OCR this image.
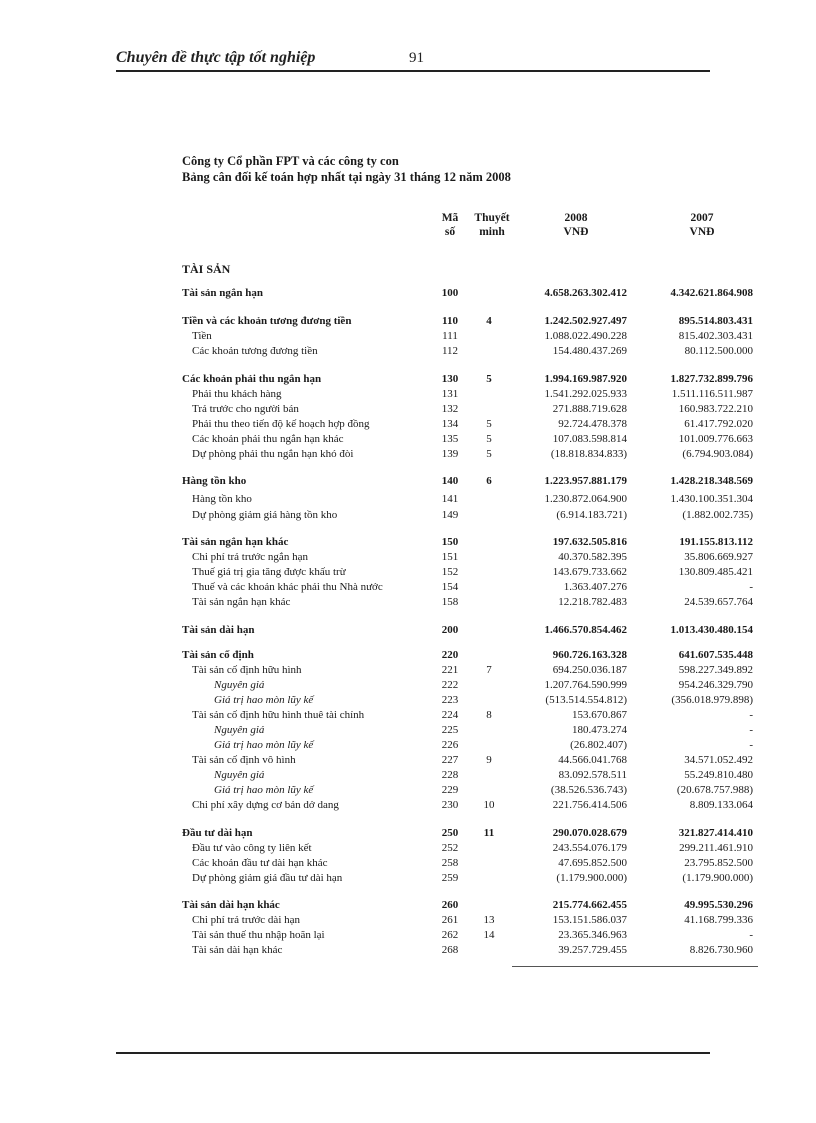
Chuyên đề thực tập tốt nghiệp	91
Công ty Cổ phần FPT và các công ty con
Bảng cân đối kế toán hợp nhất tại ngày 31 tháng 12 năm 2008
Mã
số
Thuyết
minh
2008
VNĐ
2007
VNĐ
TÀI SẢN
Tài sản ngắn hạn	100	4.658.263.302.412	4.342.621.864.908
Tiền và các khoản tương đương tiền	110	4	1.242.502.927.497	895.514.803.431
Tiền	111	1.088.022.490.228	815.402.303.431
Các khoản tương đương tiền	112	154.480.437.269	80.112.500.000
Các khoản phải thu ngắn hạn	130	5	1.994.169.987.920	1.827.732.899.796
Phải thu khách hàng	131	1.541.292.025.933	1.511.116.511.987
Trả trước cho người bán	132	271.888.719.628	160.983.722.210
Phải thu theo tiến độ kế hoạch hợp đồng	134	5	92.724.478.378	61.417.792.020
Các khoản phải thu ngắn hạn khác	135	5	107.083.598.814	101.009.776.663
Dự phòng phải thu ngắn hạn khó đòi	139	5	(18.818.834.833)	(6.794.903.084)
Hàng tồn kho	140	6	1.223.957.881.179	1.428.218.348.569
Hàng tồn kho	141	1.230.872.064.900	1.430.100.351.304
Dự phòng giảm giá hàng tồn kho	149	(6.914.183.721)	(1.882.002.735)
Tài sản ngắn hạn khác	150	197.632.505.816	191.155.813.112
Chi phí trả trước ngắn hạn	151	40.370.582.395	35.806.669.927
Thuế giá trị gia tăng được khấu trừ	152	143.679.733.662	130.809.485.421
Thuế và các khoản khác phải thu Nhà nước	154	1.363.407.276	-
Tài sản ngắn hạn khác	158	12.218.782.483	24.539.657.764
Tài sản dài hạn	200	1.466.570.854.462	1.013.430.480.154
Tài sản cố định	220	960.726.163.328	641.607.535.448
Tài sản cố định hữu hình	221	7	694.250.036.187	598.227.349.892
Nguyên giá	222	1.207.764.590.999	954.246.329.790
Giá trị hao mòn lũy kế	223	(513.514.554.812)	(356.018.979.898)
Tài sản cố định hữu hình thuê tài chính	224	8	153.670.867	-
Nguyên giá	225	180.473.274	-
Giá trị hao mòn lũy kế	226	(26.802.407)	-
Tài sản cố định vô hình	227	9	44.566.041.768	34.571.052.492
Nguyên giá	228	83.092.578.511	55.249.810.480
Giá trị hao mòn lũy kế	229	(38.526.536.743)	(20.678.757.988)
Chi phí xây dựng cơ bản dở dang	230	10	221.756.414.506	8.809.133.064
Đầu tư dài hạn	250	11	290.070.028.679	321.827.414.410
Đầu tư vào công ty liên kết	252	243.554.076.179	299.211.461.910
Các khoản đầu tư dài hạn khác	258	47.695.852.500	23.795.852.500
Dự phòng giảm giá đầu tư dài hạn	259	(1.179.900.000)	(1.179.900.000)
Tài sản dài hạn khác	260	215.774.662.455	49.995.530.296
Chi phí trả trước dài hạn	261	13	153.151.586.037	41.168.799.336
Tài sản thuế thu nhập hoãn lại	262	14	23.365.346.963	-
Tài sản dài hạn khác	268	39.257.729.455	8.826.730.960
